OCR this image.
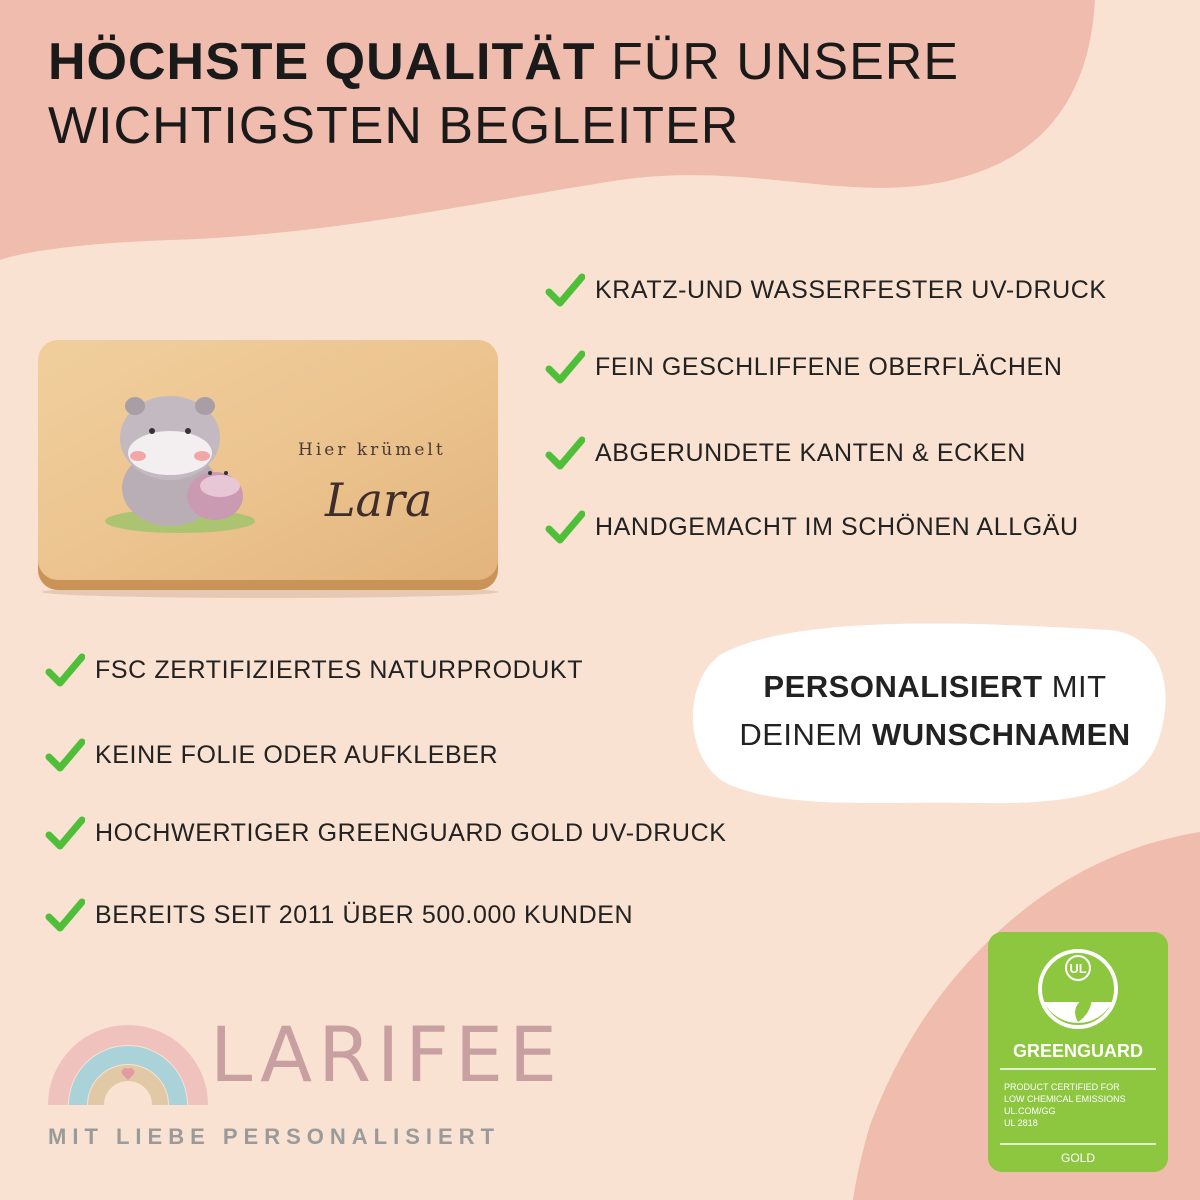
HÖCHSTE QUALITÄT FÜR UNSERE
WICHTIGSTEN BEGLEITER
Hier krümelt
Lara
KRATZ-UND WASSERFESTER UV-DRUCK
FEIN GESCHLIFFENE OBERFLÄCHEN
ABGERUNDETE KANTEN & ECKEN
HANDGEMACHT IM SCHÖNEN ALLGÄU
FSC ZERTIFIZIERTES NATURPRODUKT
KEINE FOLIE ODER AUFKLEBER
HOCHWERTIGER GREENGUARD GOLD UV-DRUCK
BEREITS SEIT 2011 ÜBER 500.000 KUNDEN
PERSONALISIERT MIT
DEINEM WUNSCHNAMEN
LARIFEE
MIT LIEBE PERSONALISIERT
UL
GREENGUARD
PRODUCT CERTIFIED FOR
LOW CHEMICAL EMISSIONS
UL.COM/GG
UL 2818
GOLD
